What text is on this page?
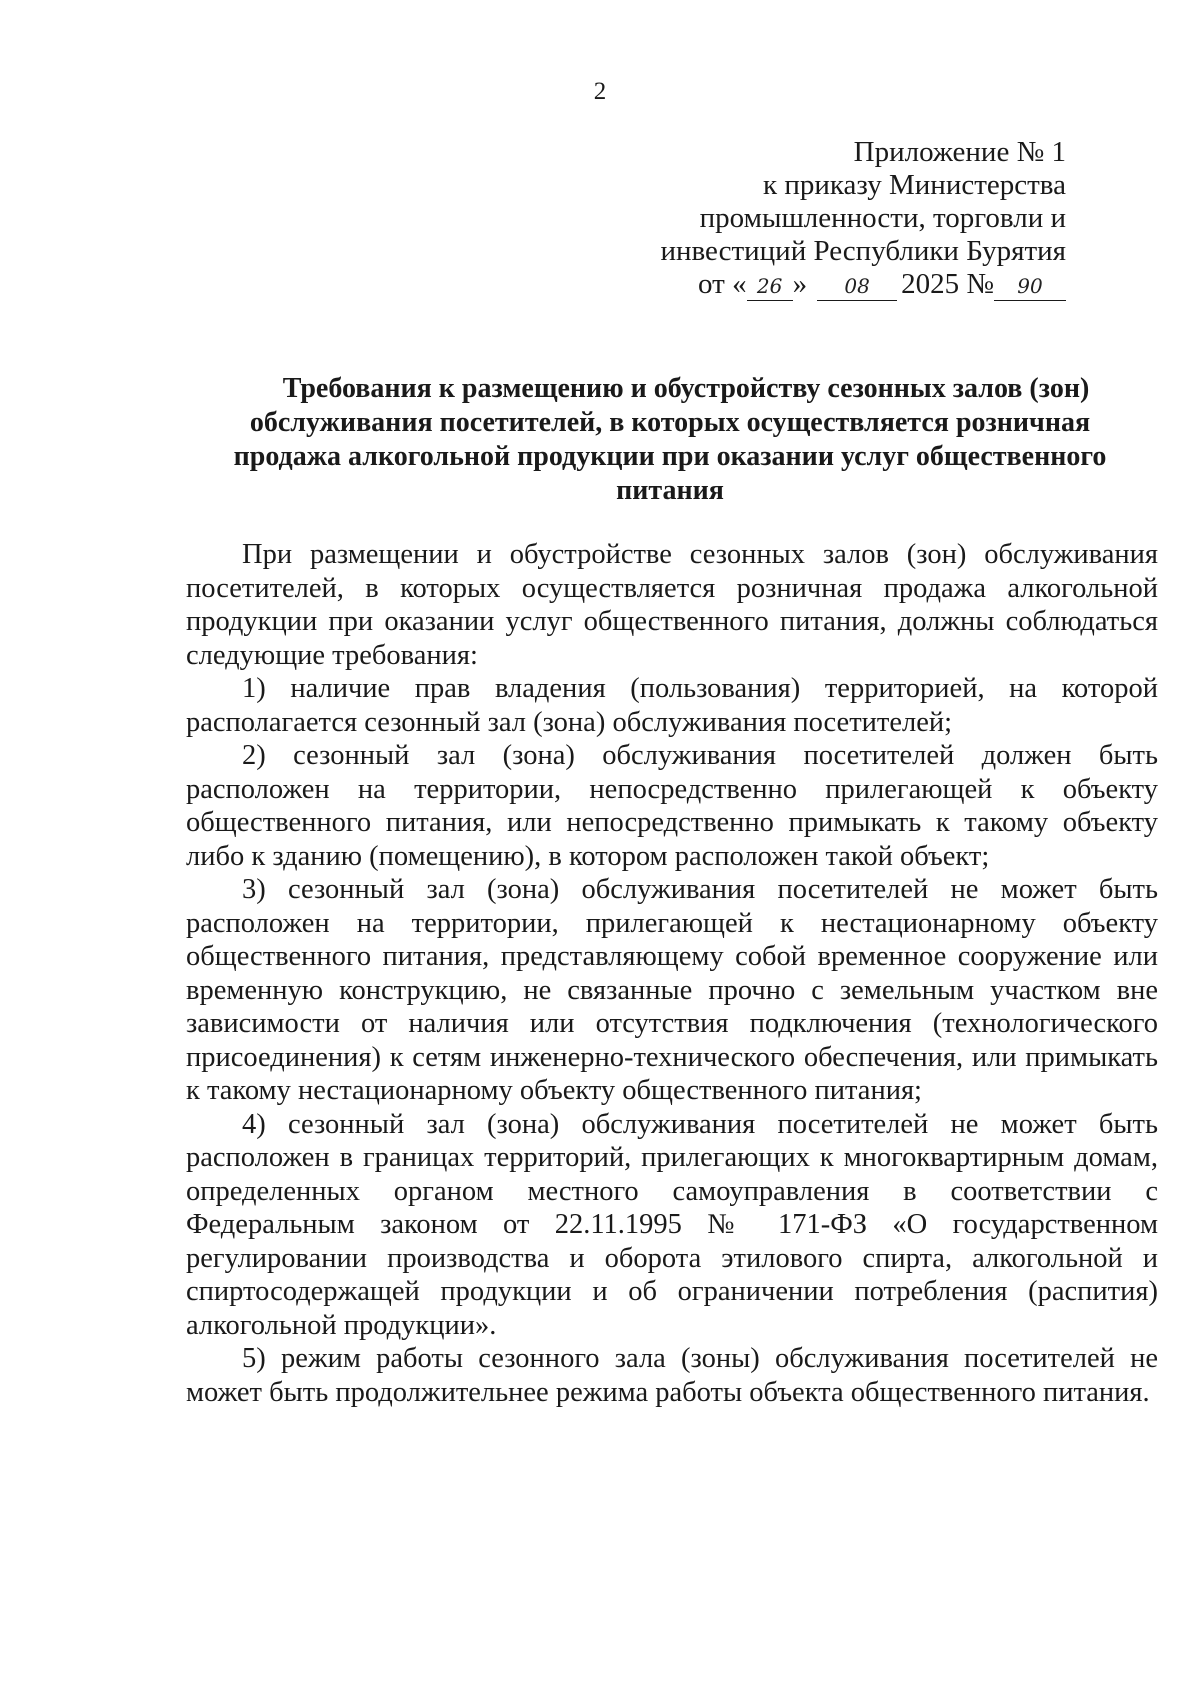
2
Приложение № 1
к приказу Министерства
промышленности, торговли и
инвестиций Республики Бурятия
от « 26 » 08 2025 № 90
Требования к размещению и обустройству сезонных залов (зон)
обслуживания посетителей, в которых осуществляется розничная
продажа алкогольной продукции при оказании услуг общественного
питания

При размещении и обустройстве сезонных залов (зон) обслуживания посетителей, в которых осуществляется розничная продажа алкогольной продукции при оказании услуг общественного питания, должны соблюдаться следующие требования:

1) наличие прав владения (пользования) территорией, на которой располагается сезонный зал (зона) обслуживания посетителей;

2) сезонный зал (зона) обслуживания посетителей должен быть расположен на территории, непосредственно прилегающей к объекту общественного питания, или непосредственно примыкать к такому объекту либо к зданию (помещению), в котором расположен такой объект;

3) сезонный зал (зона) обслуживания посетителей не может быть расположен на территории, прилегающей к нестационарному объекту общественного питания, представляющему собой временное сооружение или временную конструкцию, не связанные прочно с земельным участком вне зависимости от наличия или отсутствия подключения (технологического присоединения) к сетям инженерно-технического обеспечения, или примыкать к такому нестационарному объекту общественного питания;

4) сезонный зал (зона) обслуживания посетителей не может быть расположен в границах территорий, прилегающих к многоквартирным домам, определенных органом местного самоуправления в соответствии с Федеральным законом от 22.11.1995 № 171-ФЗ «О государственном регулировании производства и оборота этилового спирта, алкогольной и спиртосодержащей продукции и об ограничении потребления (распития) алкогольной продукции».

5) режим работы сезонного зала (зоны) обслуживания посетителей не может быть продолжительнее режима работы объекта общественного питания.
